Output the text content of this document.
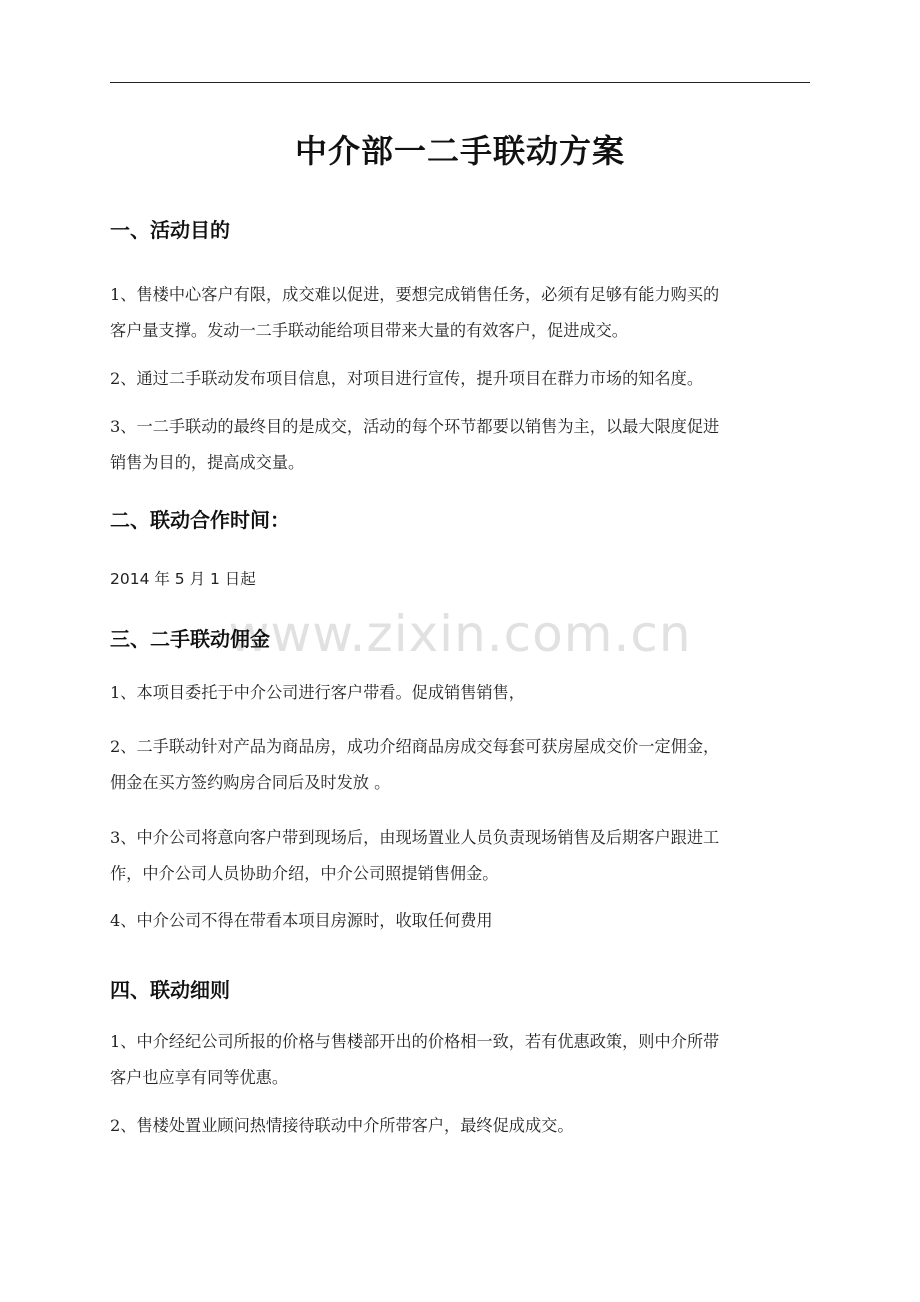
中介部一二手联动方案
一、活动目的
1、售楼中心客户有限，成交难以促进，要想完成销售任务，必须有足够有能力购买的
客户量支撑。发动一二手联动能给项目带来大量的有效客户，促进成交。
2、通过二手联动发布项目信息，对项目进行宣传，提升项目在群力市场的知名度。
3、一二手联动的最终目的是成交，活动的每个环节都要以销售为主，以最大限度促进
销售为目的，提高成交量。
二、联动合作时间：
2014 年 5 月 1 日起
www.zixin.com.cn
三、二手联动佣金
1、本项目委托于中介公司进行客户带看。促成销售销售，
2、二手联动针对产品为商品房，成功介绍商品房成交每套可获房屋成交价一定佣金，
佣金在买方签约购房合同后及时发放 。
3、中介公司将意向客户带到现场后，由现场置业人员负责现场销售及后期客户跟进工
作，中介公司人员协助介绍，中介公司照提销售佣金。
4、中介公司不得在带看本项目房源时，收取任何费用
四、联动细则
1、中介经纪公司所报的价格与售楼部开出的价格相一致，若有优惠政策，则中介所带
客户也应享有同等优惠。
2、售楼处置业顾问热情接待联动中介所带客户，最终促成成交。
